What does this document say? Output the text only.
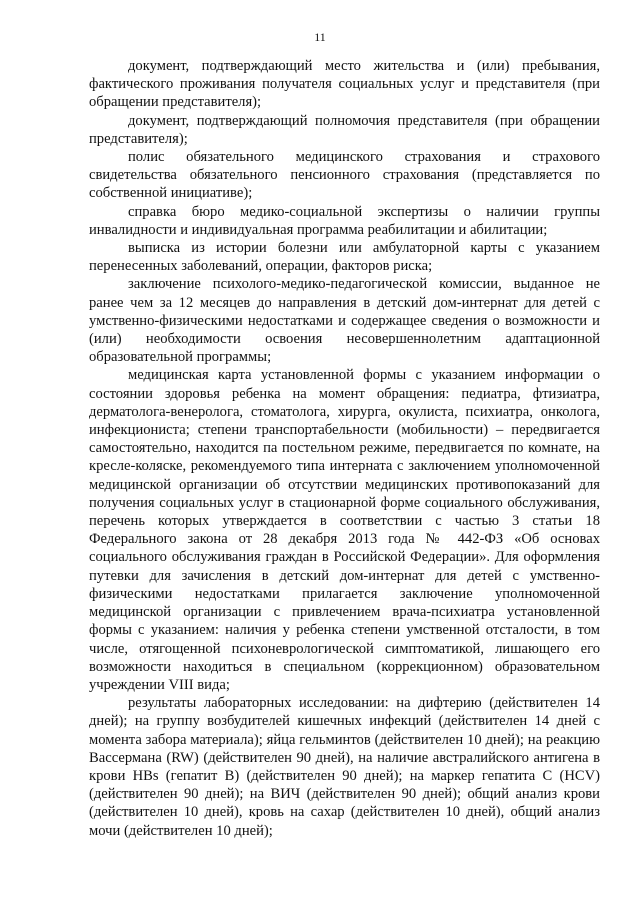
11

документ, подтверждающий место жительства и (или) пребывания, фактического проживания получателя социальных услуг и представителя (при обращении представителя);

документ, подтверждающий полномочия представителя (при обращении представителя);

полис обязательного медицинского страхования и страхового свидетельства обязательного пенсионного страхования (представляется по собственной инициативе);

справка бюро медико-социальной экспертизы о наличии группы инвалидности и индивидуальная программа реабилитации и абилитации;

выписка из истории болезни или амбулаторной карты с указанием перенесенных заболеваний, операции, факторов риска;

заключение психолого-медико-педагогической комиссии, выданное не ранее чем за 12 месяцев до направления в детский дом-интернат для детей с умственно-физическими недостатками и содержащее сведения о возможности и (или) необходимости освоения несовершеннолетним адаптационной образовательной программы;

медицинская карта установленной формы с указанием информации о состоянии здоровья ребенка на момент обращения: педиатра, фтизиатра, дерматолога-венеролога, стоматолога, хирурга, окулиста, психиатра, онколога, инфекциониста; степени транспортабельности (мобильности) – передвигается самостоятельно, находится па постельном режиме, передвигается по комнате, на кресле-коляске, рекомендуемого типа интерната с заключением уполномоченной медицинской организации об отсутствии медицинских противопоказаний для получения социальных услуг в стационарной форме социального обслуживания, перечень которых утверждается в соответствии с частью 3 статьи 18 Федерального закона от 28 декабря 2013 года № 442-ФЗ «Об основах социального обслуживания граждан в Российской Федерации». Для оформления путевки для зачисления в детский дом-интернат для детей с умственно-физическими недостатками прилагается заключение уполномоченной медицинской организации с привлечением врача-психиатра установленной формы с указанием: наличия у ребенка степени умственной отсталости, в том числе, отягощенной психоневрологической симптоматикой, лишающего его возможности находиться в специальном (коррекционном) образовательном учреждении VIII вида;

результаты лабораторных исследовании: на дифтерию (действителен 14 дней); на группу возбудителей кишечных инфекций (действителен 14 дней с момента забора материала); яйца гельминтов (действителен 10 дней); на реакцию Вассермана (RW) (действителен 90 дней), на наличие австралийского антигена в крови HBs (гепатит В) (действителен 90 дней); на маркер гепатита С (HCV) (действителен 90 дней); на ВИЧ (действителен 90 дней); общий анализ крови (действителен 10 дней), кровь на сахар (действителен 10 дней), общий анализ мочи (действителен 10 дней);
